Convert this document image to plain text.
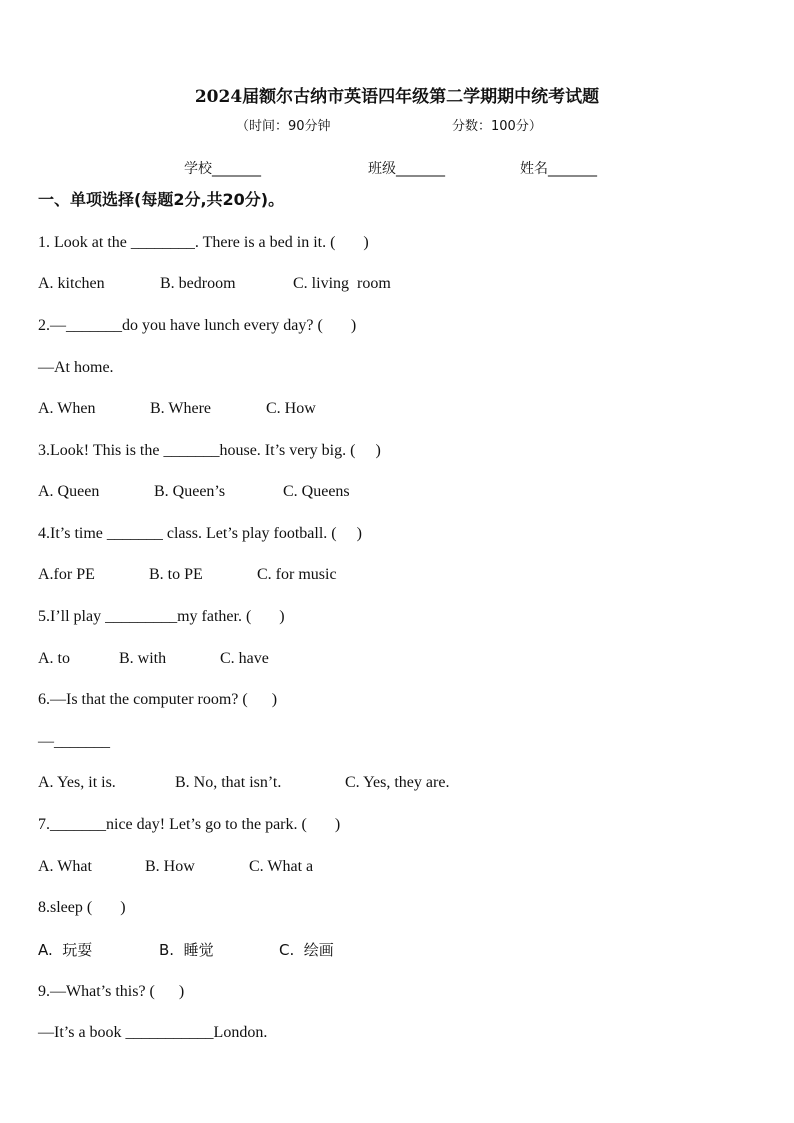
2024届额尔古纳市英语四年级第二学期期中统考试题
（时间：90分钟	分数：100分）
学校_______	班级_______	姓名_______
一、单项选择(每题2分,共20分)。
1. Look at the ________. There is a bed in it. (       )
A. kitchen	B. bedroom	C. living  room
2.—_______do you have lunch every day? (       )
—At home.
A. When	B. Where	C. How
3.Look! This is the _______house. It’s very big. (     )
A. Queen	B. Queen’s	C. Queens
4.It’s time _______ class. Let’s play football. (     )
A.for PE	B. to PE	C. for music
5.I’ll play _________my father. (       )
A. to	B. with	C. have
6.—Is that the computer room? (      )
—_______
A. Yes, it is.	B. No, that isn’t.	C. Yes, they are.
7._______nice day! Let’s go to the park. (       )
A. What	B. How	C. What a
8.sleep (       )
A.  玩耍	B.  睡觉	C.  绘画
9.—What’s this? (      )
—It’s a book ___________London.
